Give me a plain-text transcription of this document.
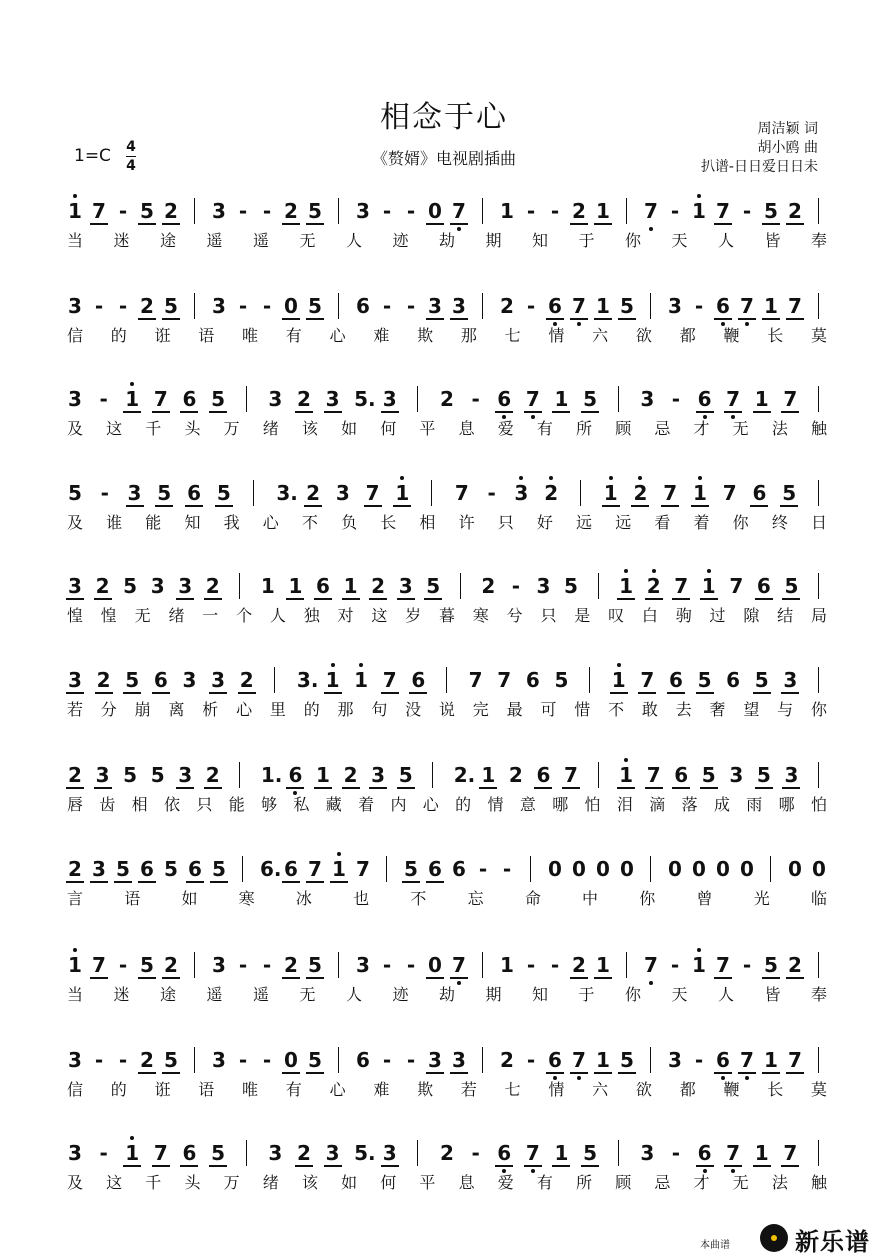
相念于心
《赘婿》电视剧插曲
周洁颖 词
胡小鸥 曲
扒谱-日日爱日日未
1=C 4
4
1 7 - 5 2 3 - - 2 5 3 - - 0 7 1 - - 2 1 7 - 1 7 - 5 2
当 迷 途 遥 遥 无 人 迹 劫 期 知 于 你 天 人 皆 奉
3 - - 2 5 3 - - 0 5 6 - - 3 3 2 - 6 7 1 5 3 - 6 7 1 7
信 的 诳 语 唯 有 心 难 欺 那 七 情 六 欲 都 鞭 长 莫
3 - 1 7 6 5 3 2 3 5. 3 2 - 6 7 1 5 3 - 6 7 1 7
及 这 千 头 万 绪 该 如 何 平 息 爱 有 所 顾 忌 才 无 法 触
5 - 3 5 6 5 3. 2 3 7 1 7 - 3 2 1 2 7 1 7 6 5
及 谁 能 知 我 心 不 负 长 相 许 只 好 远 远 看 着 你 终 日
3 2 5 3 3 2 1 1 6 1 2 3 5 2 - 3 5 1 2 7 1 7 6 5
惶 惶 无 绪 一 个 人 独 对 这 岁 暮 寒 兮 只 是 叹 白 驹 过 隙 结 局
3 2 5 6 3 3 2 3. 1 1 7 6 7 7 6 5 1 7 6 5 6 5 3
若 分 崩 离 析 心 里 的 那 句 没 说 完 最 可 惜 不 敢 去 奢 望 与 你
2 3 5 5 3 2 1. 6 1 2 3 5 2. 1 2 6 7 1 7 6 5 3 5 3
唇 齿 相 依 只 能 够 私 藏 着 内 心 的 情 意 哪 怕 泪 滴 落 成 雨 哪 怕
2 3 5 6 5 6 5 6. 6 7 1 7 5 6 6 - - 0 0 0 0 0 0 0 0 0 0
言	语	如	寒	冰	也	不	忘	命	中	你	曾	光	临
1 7 - 5 2 3 - - 2 5 3 - - 0 7 1 - - 2 1 7 - 1 7 - 5 2
当 迷 途 遥 遥 无 人 迹 劫 期 知 于 你 天 人 皆 奉
3 - - 2 5 3 - - 0 5 6 - - 3 3 2 - 6 7 1 5 3 - 6 7 1 7
信 的 诳 语 唯 有 心 难 欺 若 七 情 六 欲 都 鞭 长 莫
3 - 1 7 6 5 3 2 3 5. 3 2 - 6 7 1 5 3 - 6 7 1 7
及 这 千 头 万 绪 该 如 何 平 息 爱 有 所 顾 忌 才 无 法 触
本曲谱	新乐谱
